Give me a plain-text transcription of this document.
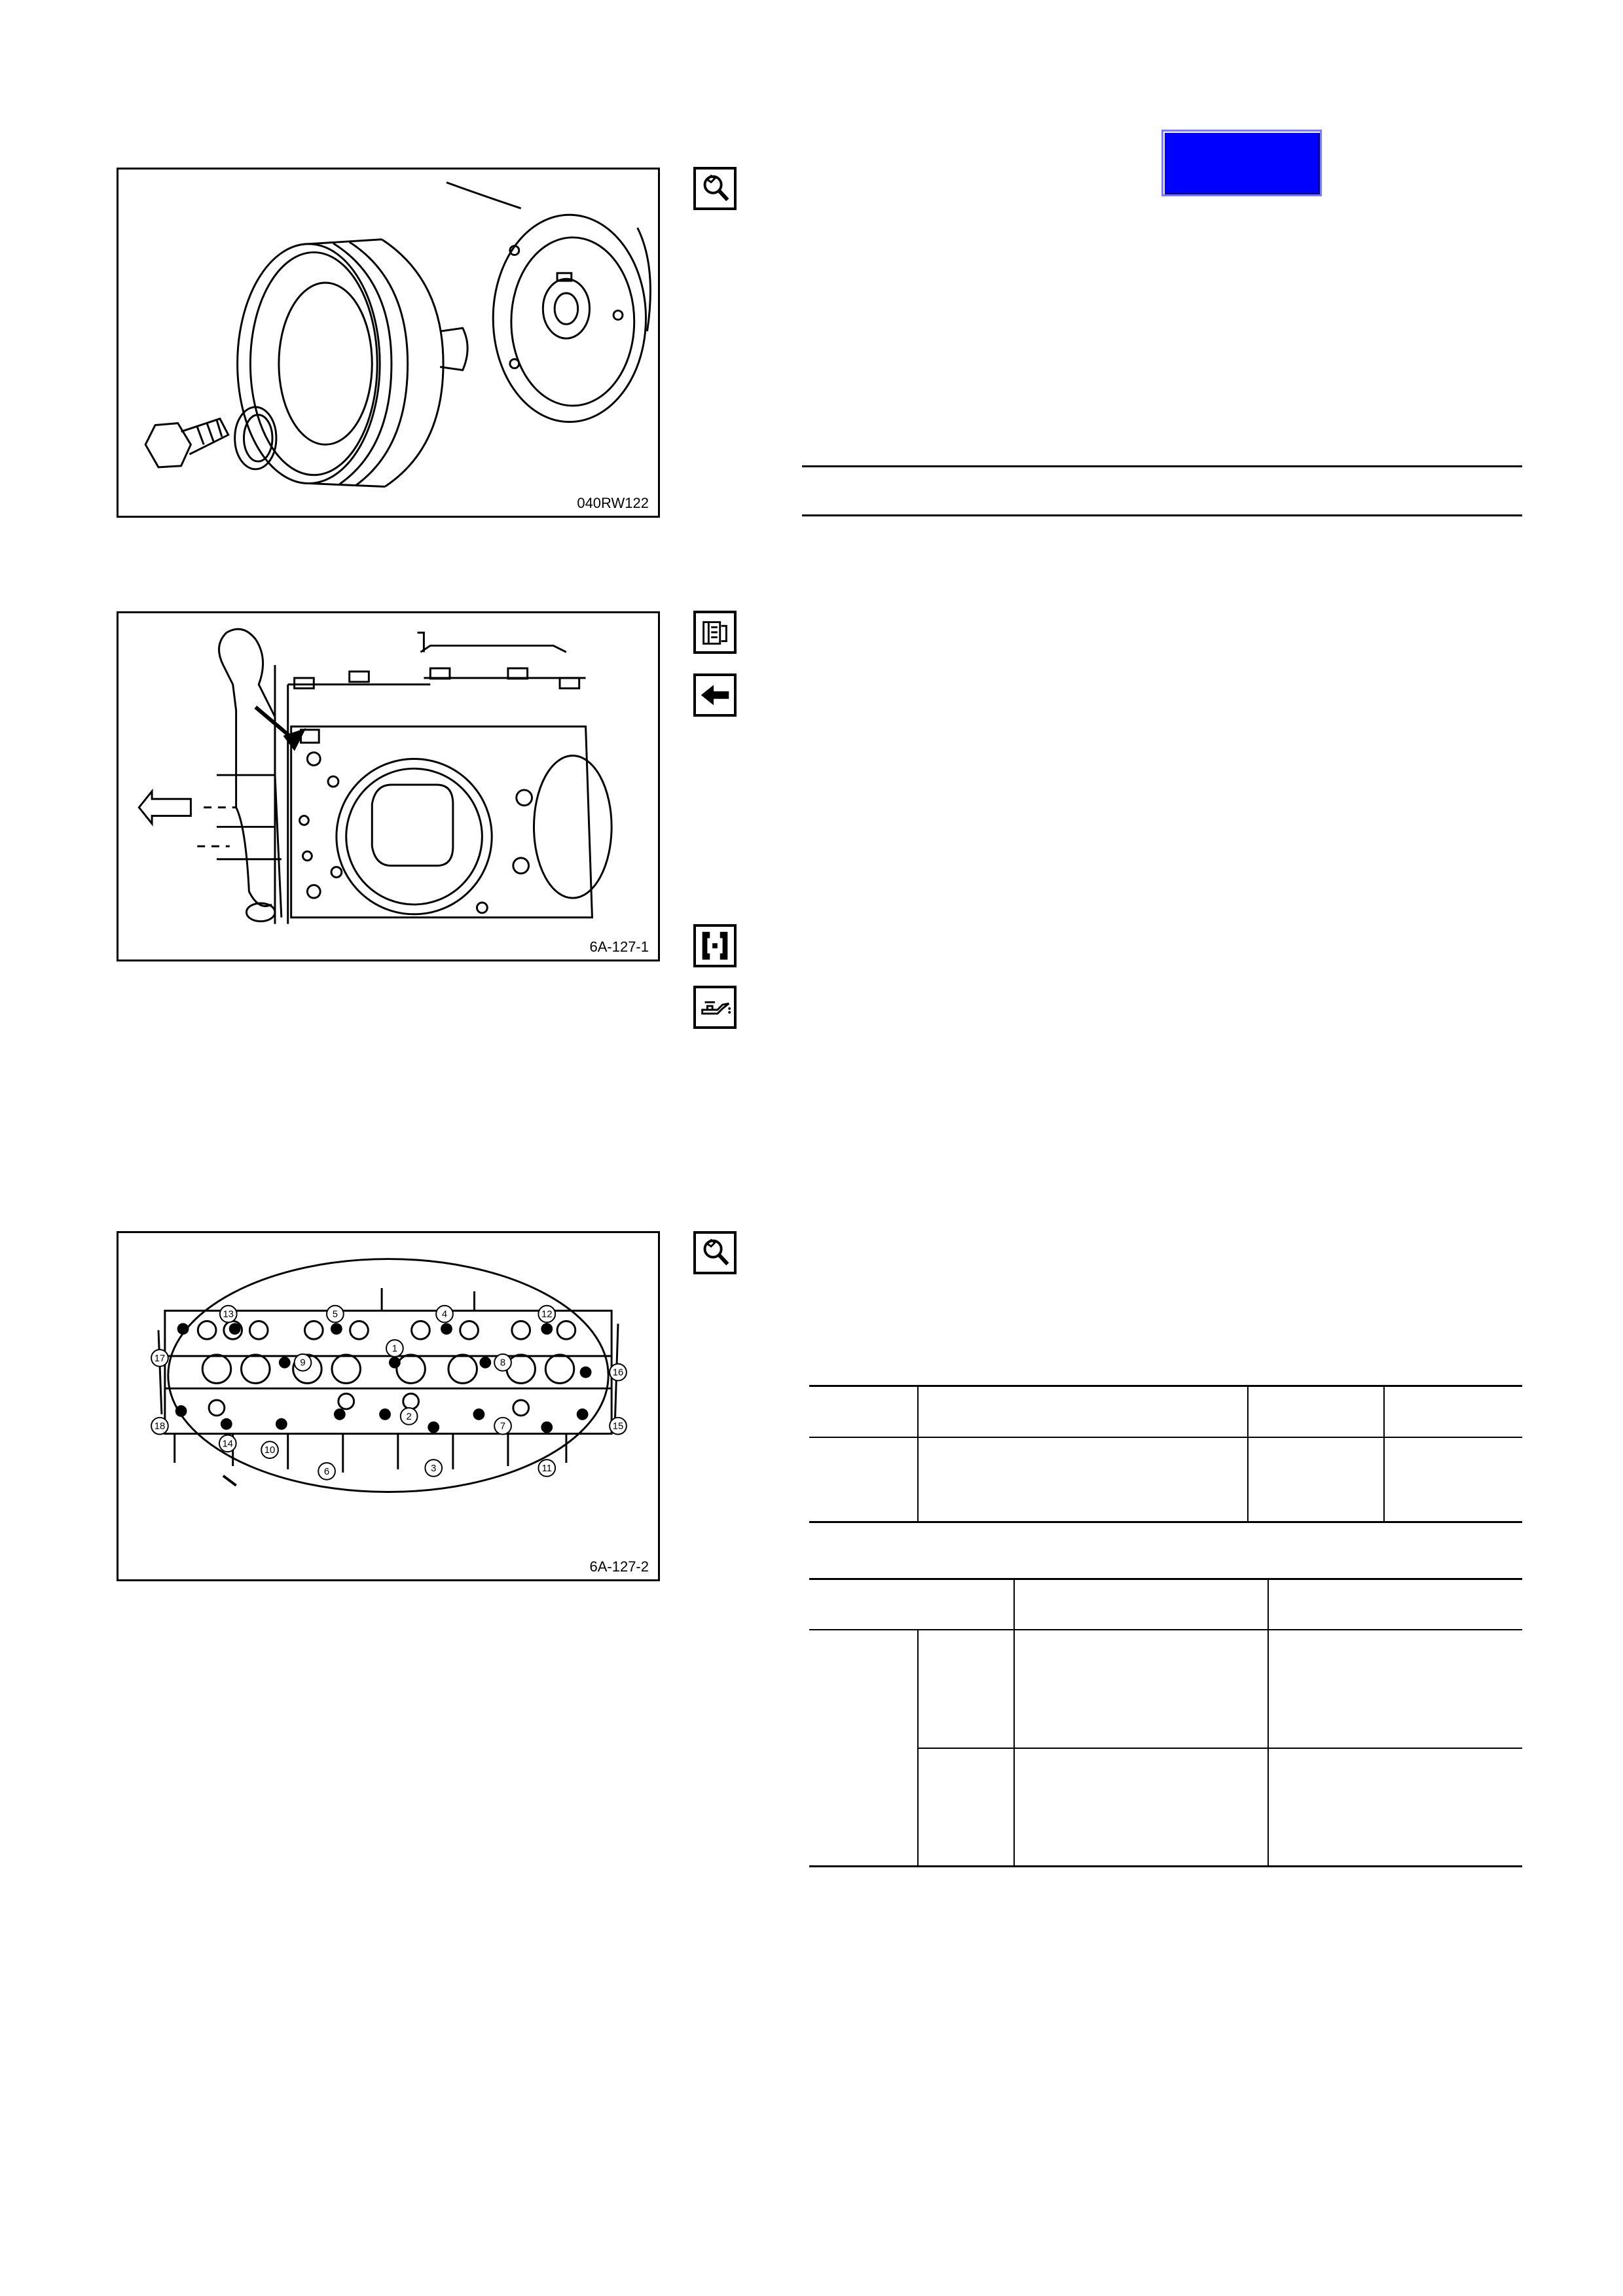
040RW122
6A-127-1
13	5	4	12
17	9
1
8
16
18
14
10
6
2
3
7
11
15
6A-127-2
